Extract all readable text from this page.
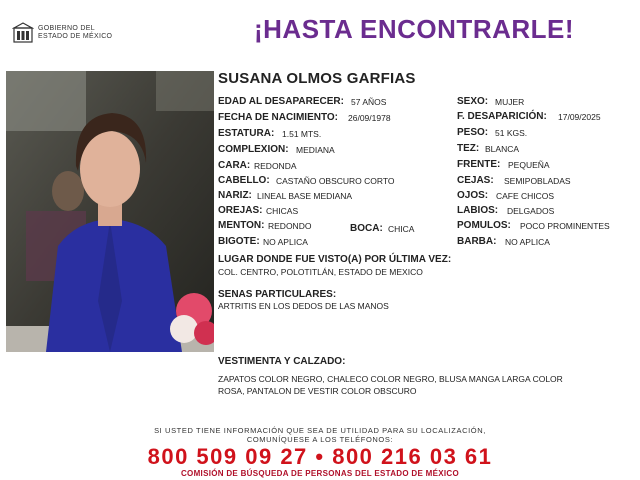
GOBIERNO DEL
ESTADO DE MÉXICO	¡HASTA ENCONTRARLE!
SUSANA OLMOS GARFIAS
EDAD AL DESAPARECER: 57 AÑOS
FECHA DE NACIMIENTO: 26/09/1978
ESTATURA: 1.51 MTS.
COMPLEXION: MEDIANA
CARA: REDONDA
CABELLO: CASTAÑO OBSCURO CORTO
NARIZ: LINEAL BASE MEDIANA
OREJAS: CHICAS
MENTON: REDONDO	BOCA: CHICA
BIGOTE: NO APLICA
SEXO: MUJER
F. DESAPARICIÓN: 17/09/2025
PESO: 51 KGS.
TEZ: BLANCA
FRENTE: PEQUEÑA
CEJAS: SEMIPOBLADAS
OJOS: CAFE CHICOS
LABIOS: DELGADOS
POMULOS: POCO PROMINENTES
BARBA: NO APLICA
LUGAR DONDE FUE VISTO(A) POR ÚLTIMA VEZ:
COL. CENTRO, POLOTITLÁN, ESTADO DE MEXICO
SENAS PARTICULARES:
ARTRITIS EN LOS DEDOS DE LAS MANOS
VESTIMENTA Y CALZADO:
ZAPATOS COLOR NEGRO, CHALECO COLOR NEGRO, BLUSA MANGA LARGA COLOR
ROSA, PANTALON DE VESTIR COLOR OBSCURO
SI USTED TIENE INFORMACIÓN QUE SEA DE UTILIDAD PARA SU LOCALIZACIÓN,
COMUNÍQUESE A LOS TELÉFONOS:
800 509 09 27 • 800 216 03 61
COMISIÓN DE BÚSQUEDA DE PERSONAS DEL ESTADO DE MÉXICO
